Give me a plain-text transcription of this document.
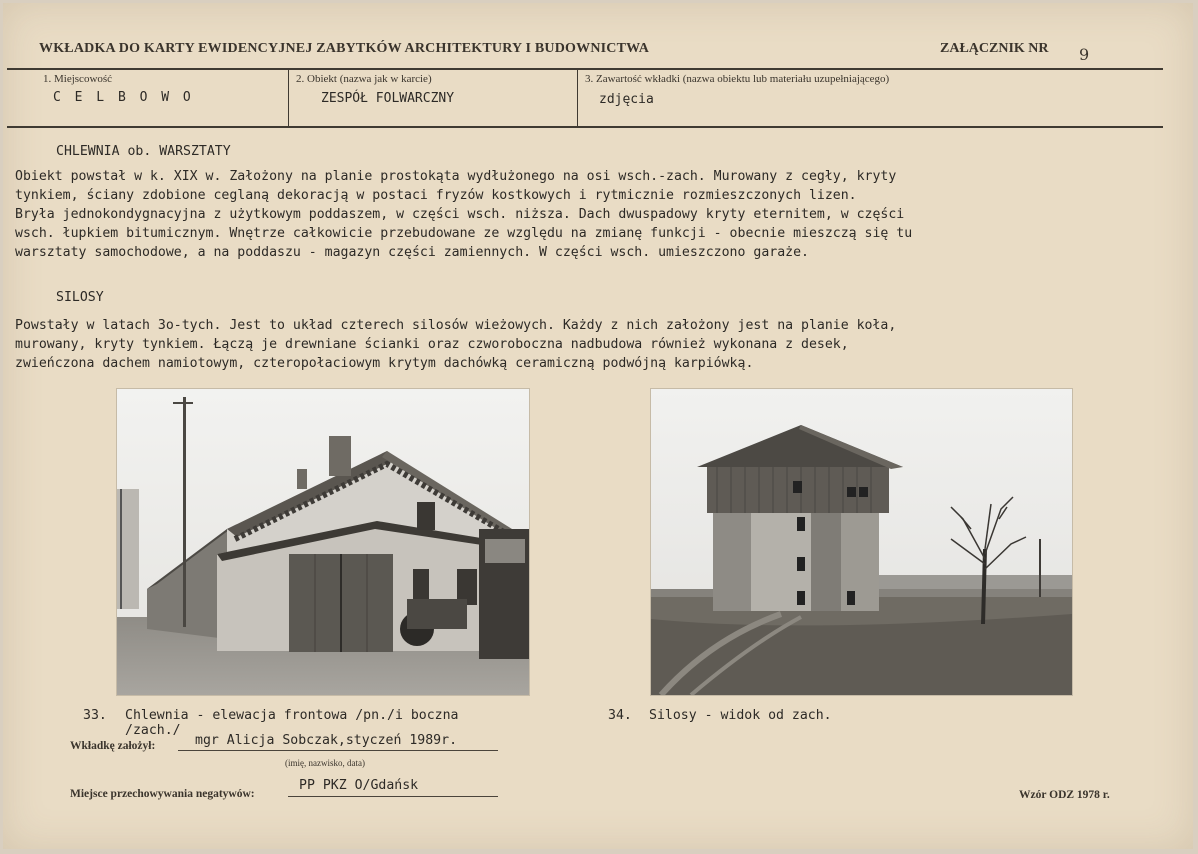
WKŁADKA DO KARTY EWIDENCYJNEJ ZABYTKÓW ARCHITEKTURY I BUDOWNICTWA	ZAŁĄCZNIK NR 9
1. Miejscowość
C E L B O W O
2. Obiekt (nazwa jak w karcie)
ZESPÓŁ FOLWARCZNY
3. Zawartość wkładki (nazwa obiektu lub materiału uzupełniającego)
zdjęcia
CHLEWNIA ob. WARSZTATY
Obiekt powstał w k. XIX w. Założony na planie prostokąta wydłużonego na osi wsch.-zach. Murowany z cegły, kryty
tynkiem, ściany zdobione ceglaną dekoracją w postaci fryzów kostkowych i rytmicznie rozmieszczonych lizen.
Bryła jednokondygnacyjna z użytkowym poddaszem, w części wsch. niższa. Dach dwuspadowy kryty eternitem, w części
wsch. łupkiem bitumicznym. Wnętrze całkowicie przebudowane ze względu na zmianę funkcji - obecnie mieszczą się tu
warsztaty samochodowe, a na poddaszu - magazyn części zamiennych. W części wsch. umieszczono garaże.
SILOSY
Powstały w latach 3o-tych. Jest to układ czterech silosów wieżowych. Każdy z nich założony jest na planie koła,
murowany, kryty tynkiem. Łączą je drewniane ścianki oraz czworoboczna nadbudowa również wykonana z desek,
zwieńczona dachem namiotowym, czteropołaciowym krytym dachówką ceramiczną podwójną karpiówką.
33. Chlewnia - elewacja frontowa /pn./i boczna
/zach./
34. Silosy - widok od zach.
Wkładkę założył:	mgr Alicja Sobczak,styczeń 1989r.
(imię, nazwisko, data)
Miejsce przechowywania negatywów:
PP PKZ O/Gdańsk
Wzór ODZ 1978 r.
